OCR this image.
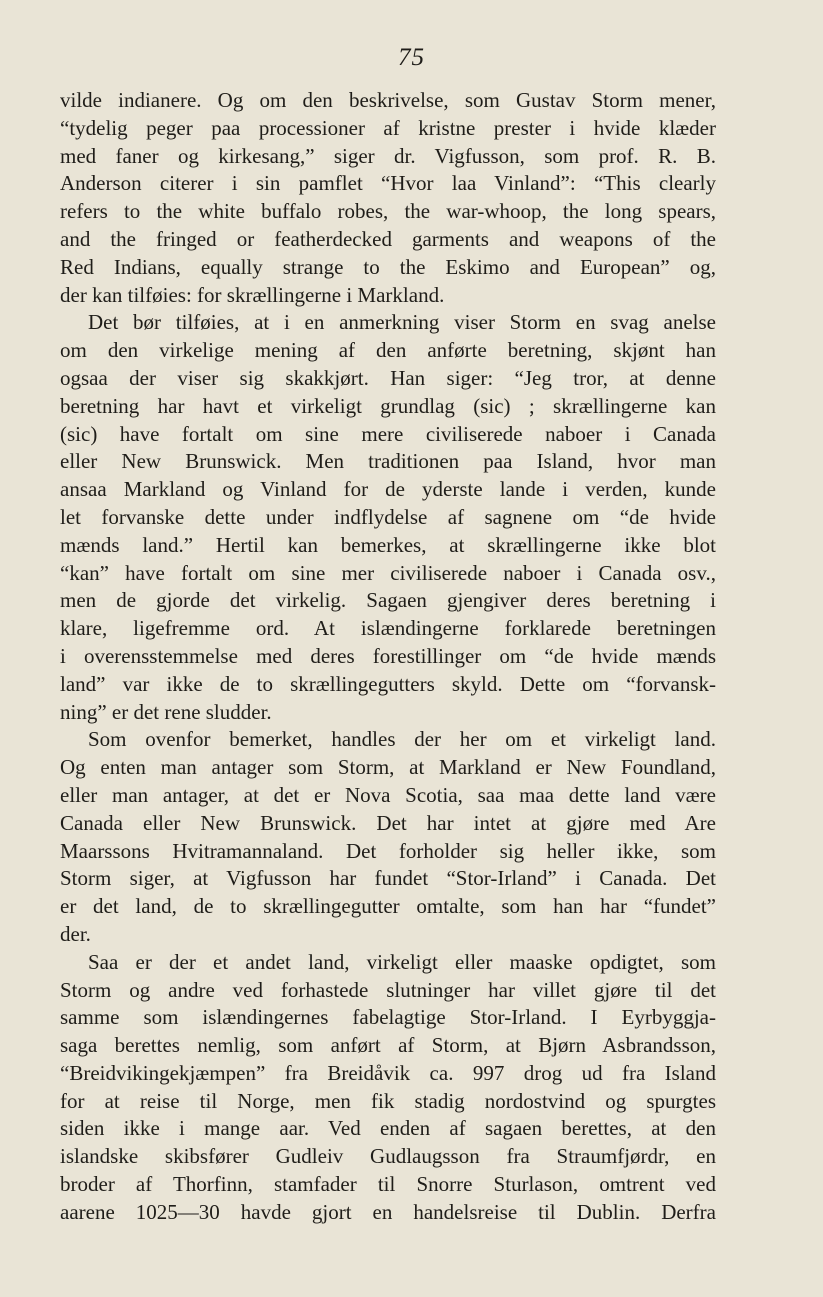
75
vilde indianere. Og om den beskrivelse, som Gustav Storm mener,
“tydelig peger paa processioner af kristne prester i hvide klæder
med faner og kirkesang,” siger dr. Vigfusson, som prof. R. B.
Anderson citerer i sin pamflet “Hvor laa Vinland”: “This clearly
refers to the white buffalo robes, the war-whoop, the long spears,
and the fringed or featherdecked garments and weapons of the
Red Indians, equally strange to the Eskimo and European” og,
der kan tilføies: for skrællingerne i Markland.
Det bør tilføies, at i en anmerkning viser Storm en svag anelse
om den virkelige mening af den anførte beretning, skjønt han
ogsaa der viser sig skakkjørt. Han siger: “Jeg tror, at denne
beretning har havt et virkeligt grundlag (sic) ; skrællingerne kan
(sic) have fortalt om sine mere civiliserede naboer i Canada
eller New Brunswick. Men traditionen paa Island, hvor man
ansaa Markland og Vinland for de yderste lande i verden, kunde
let forvanske dette under indflydelse af sagnene om “de hvide
mænds land.” Hertil kan bemerkes, at skrællingerne ikke blot
“kan” have fortalt om sine mer civiliserede naboer i Canada osv.,
men de gjorde det virkelig. Sagaen gjengiver deres beretning i
klare, ligefremme ord. At islændingerne forklarede beretningen
i overensstemmelse med deres forestillinger om “de hvide mænds
land” var ikke de to skrællingegutters skyld. Dette om “forvansk-
ning” er det rene sludder.
Som ovenfor bemerket, handles der her om et virkeligt land.
Og enten man antager som Storm, at Markland er New Foundland,
eller man antager, at det er Nova Scotia, saa maa dette land være
Canada eller New Brunswick. Det har intet at gjøre med Are
Maarssons Hvitramannaland. Det forholder sig heller ikke, som
Storm siger, at Vigfusson har fundet “Stor-Irland” i Canada. Det
er det land, de to skrællingegutter omtalte, som han har “fundet”
der.
Saa er der et andet land, virkeligt eller maaske opdigtet, som
Storm og andre ved forhastede slutninger har villet gjøre til det
samme som islændingernes fabelagtige Stor-Irland. I Eyrbyggja-
saga berettes nemlig, som anført af Storm, at Bjørn Asbrandsson,
“Breidvikingekjæmpen” fra Breidåvik ca. 997 drog ud fra Island
for at reise til Norge, men fik stadig nordostvind og spurgtes
siden ikke i mange aar. Ved enden af sagaen berettes, at den
islandske skibsfører Gudleiv Gudlaugsson fra Straumfjørdr, en
broder af Thorfinn, stamfader til Snorre Sturlason, omtrent ved
aarene 1025—30 havde gjort en handelsreise til Dublin. Derfra
